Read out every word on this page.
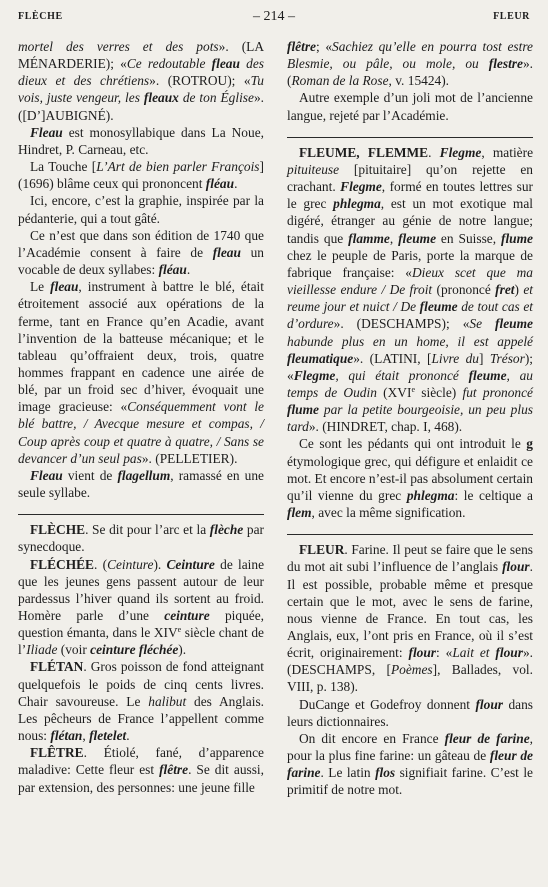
FLÈCHE	– 214 –	FLEUR

mortel des verres et des pots». (LA MÉNARDERIE); «Ce redoutable fleau des dieux et des chrétiens». (ROTROU); «Tu vois, juste vengeur, les fleaux de ton Église». ([D’]AUBIGNÉ).

Fleau est monosyllabique dans La Noue, Hindret, P. Carneau, etc.

La Touche [L’Art de bien parler François] (1696) blâme ceux qui prononcent fléau.

Ici, encore, c’est la graphie, inspirée par la pédanterie, qui a tout gâté.

Ce n’est que dans son édition de 1740 que l’Académie consent à faire de fleau un vocable de deux syllabes: fléau.

Le fleau, instrument à battre le blé, était étroitement associé aux opérations de la ferme, tant en France qu’en Acadie, avant l’invention de la batteuse mécanique; et le tableau qu’offraient deux, trois, quatre hommes frappant en cadence une airée de blé, par un froid sec d’hiver, évoquait une image gracieuse: «Conséquemment vont le blé battre, / Avecque mesure et compas, / Coup après coup et quatre à quatre, / Sans se devancer d’un seul pas». (PELLETIER).

Fleau vient de flagellum, ramassé en une seule syllabe.

FLÈCHE. Se dit pour l’arc et la flèche par synecdoque.

FLÉCHÉE. (Ceinture). Ceinture de laine que les jeunes gens passent autour de leur pardessus l’hiver quand ils sortent au froid. Homère parle d’une ceinture piquée, question émanta, dans le XIVe siècle chant de l’Iliade (voir ceinture fléchée).

FLÉTAN. Gros poisson de fond atteignant quelquefois le poids de cinq cents livres. Chair savoureuse. Le halibut des Anglais. Les pêcheurs de France l’appellent comme nous: flétan, fletelet.

FLÊTRE. Étiolé, fané, d’apparence maladive: Cette fleur est flêtre. Se dit aussi, par extension, des personnes: une jeune fille

flêtre; «Sachiez qu’elle en pourra tost estre Blesmie, ou pâle, ou mole, ou flestre». (Roman de la Rose, v. 15424).

Autre exemple d’un joli mot de l’ancienne langue, rejeté par l’Académie.

FLEUME, FLEMME. Flegme, matière pituiteuse [pituitaire] qu’on rejette en crachant. Flegme, formé en toutes lettres sur le grec phlegma, est un mot exotique mal digéré, étranger au génie de notre langue; tandis que flamme, fleume en Suisse, flume chez le peuple de Paris, porte la marque de fabrique française: «Dieux scet que ma vieillesse endure / De froit (prononcé fret) et reume jour et nuict / De fleume de tout cas et d’ordure». (DESCHAMPS); «Se fleume habunde plus en un home, il est appelé fleumatique». (LATINI, [Livre du] Trésor); «Flegme, qui était prononcé fleume, au temps de Oudin (XVIe siècle) fut prononcé flume par la petite bourgeoisie, un peu plus tard». (HINDRET, chap. I, 468).

Ce sont les pédants qui ont introduit le g étymologique grec, qui défigure et enlaidit ce mot. Et encore n’est-il pas absolument certain qu’il vienne du grec phlegma: le celtique a flem, avec la même signification.

FLEUR. Farine. Il peut se faire que le sens du mot ait subi l’influence de l’anglais flour. Il est possible, probable même et presque certain que le mot, avec le sens de farine, nous vienne de France. En tout cas, les Anglais, eux, l’ont pris en France, où il s’est écrit, originairement: flour: «Lait et flour». (DESCHAMPS, [Poèmes], Ballades, vol. VIII, p. 138).

DuCange et Godefroy donnent flour dans leurs dictionnaires.

On dit encore en France fleur de farine, pour la plus fine farine: un gâteau de fleur de farine. Le latin flos signifiait farine. C’est le primitif de notre mot.
